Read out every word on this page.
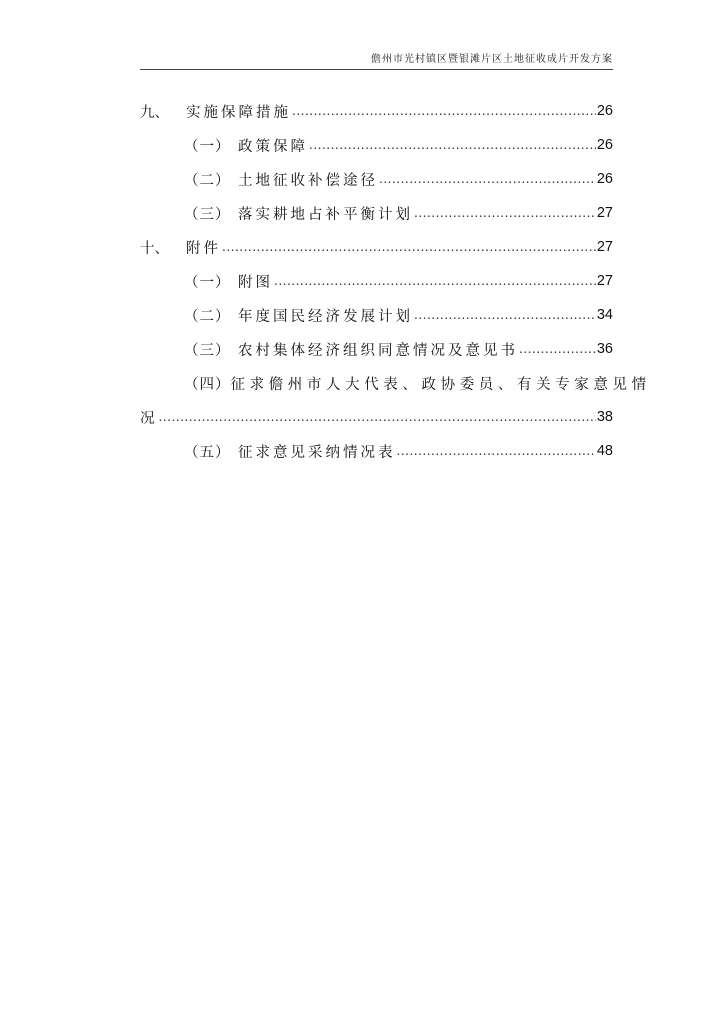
儋州市光村镇区暨银滩片区土地征收成片开发方案
九、	实施保障措施 .....	26
（一） 政策保障 .....	26
（二） 土地征收补偿途径 .....	26
（三） 落实耕地占补平衡计划 .....	27
十、	附件 .....	27
（一） 附图 .....	27
（二） 年度国民经济发展计划 .....	34
（三） 农村集体经济组织同意情况及意见书 .....	36
（四） 征求儋州市人大代表、政协委员、有关专家意见情
况 .....	38
（五） 征求意见采纳情况表 .....	48
